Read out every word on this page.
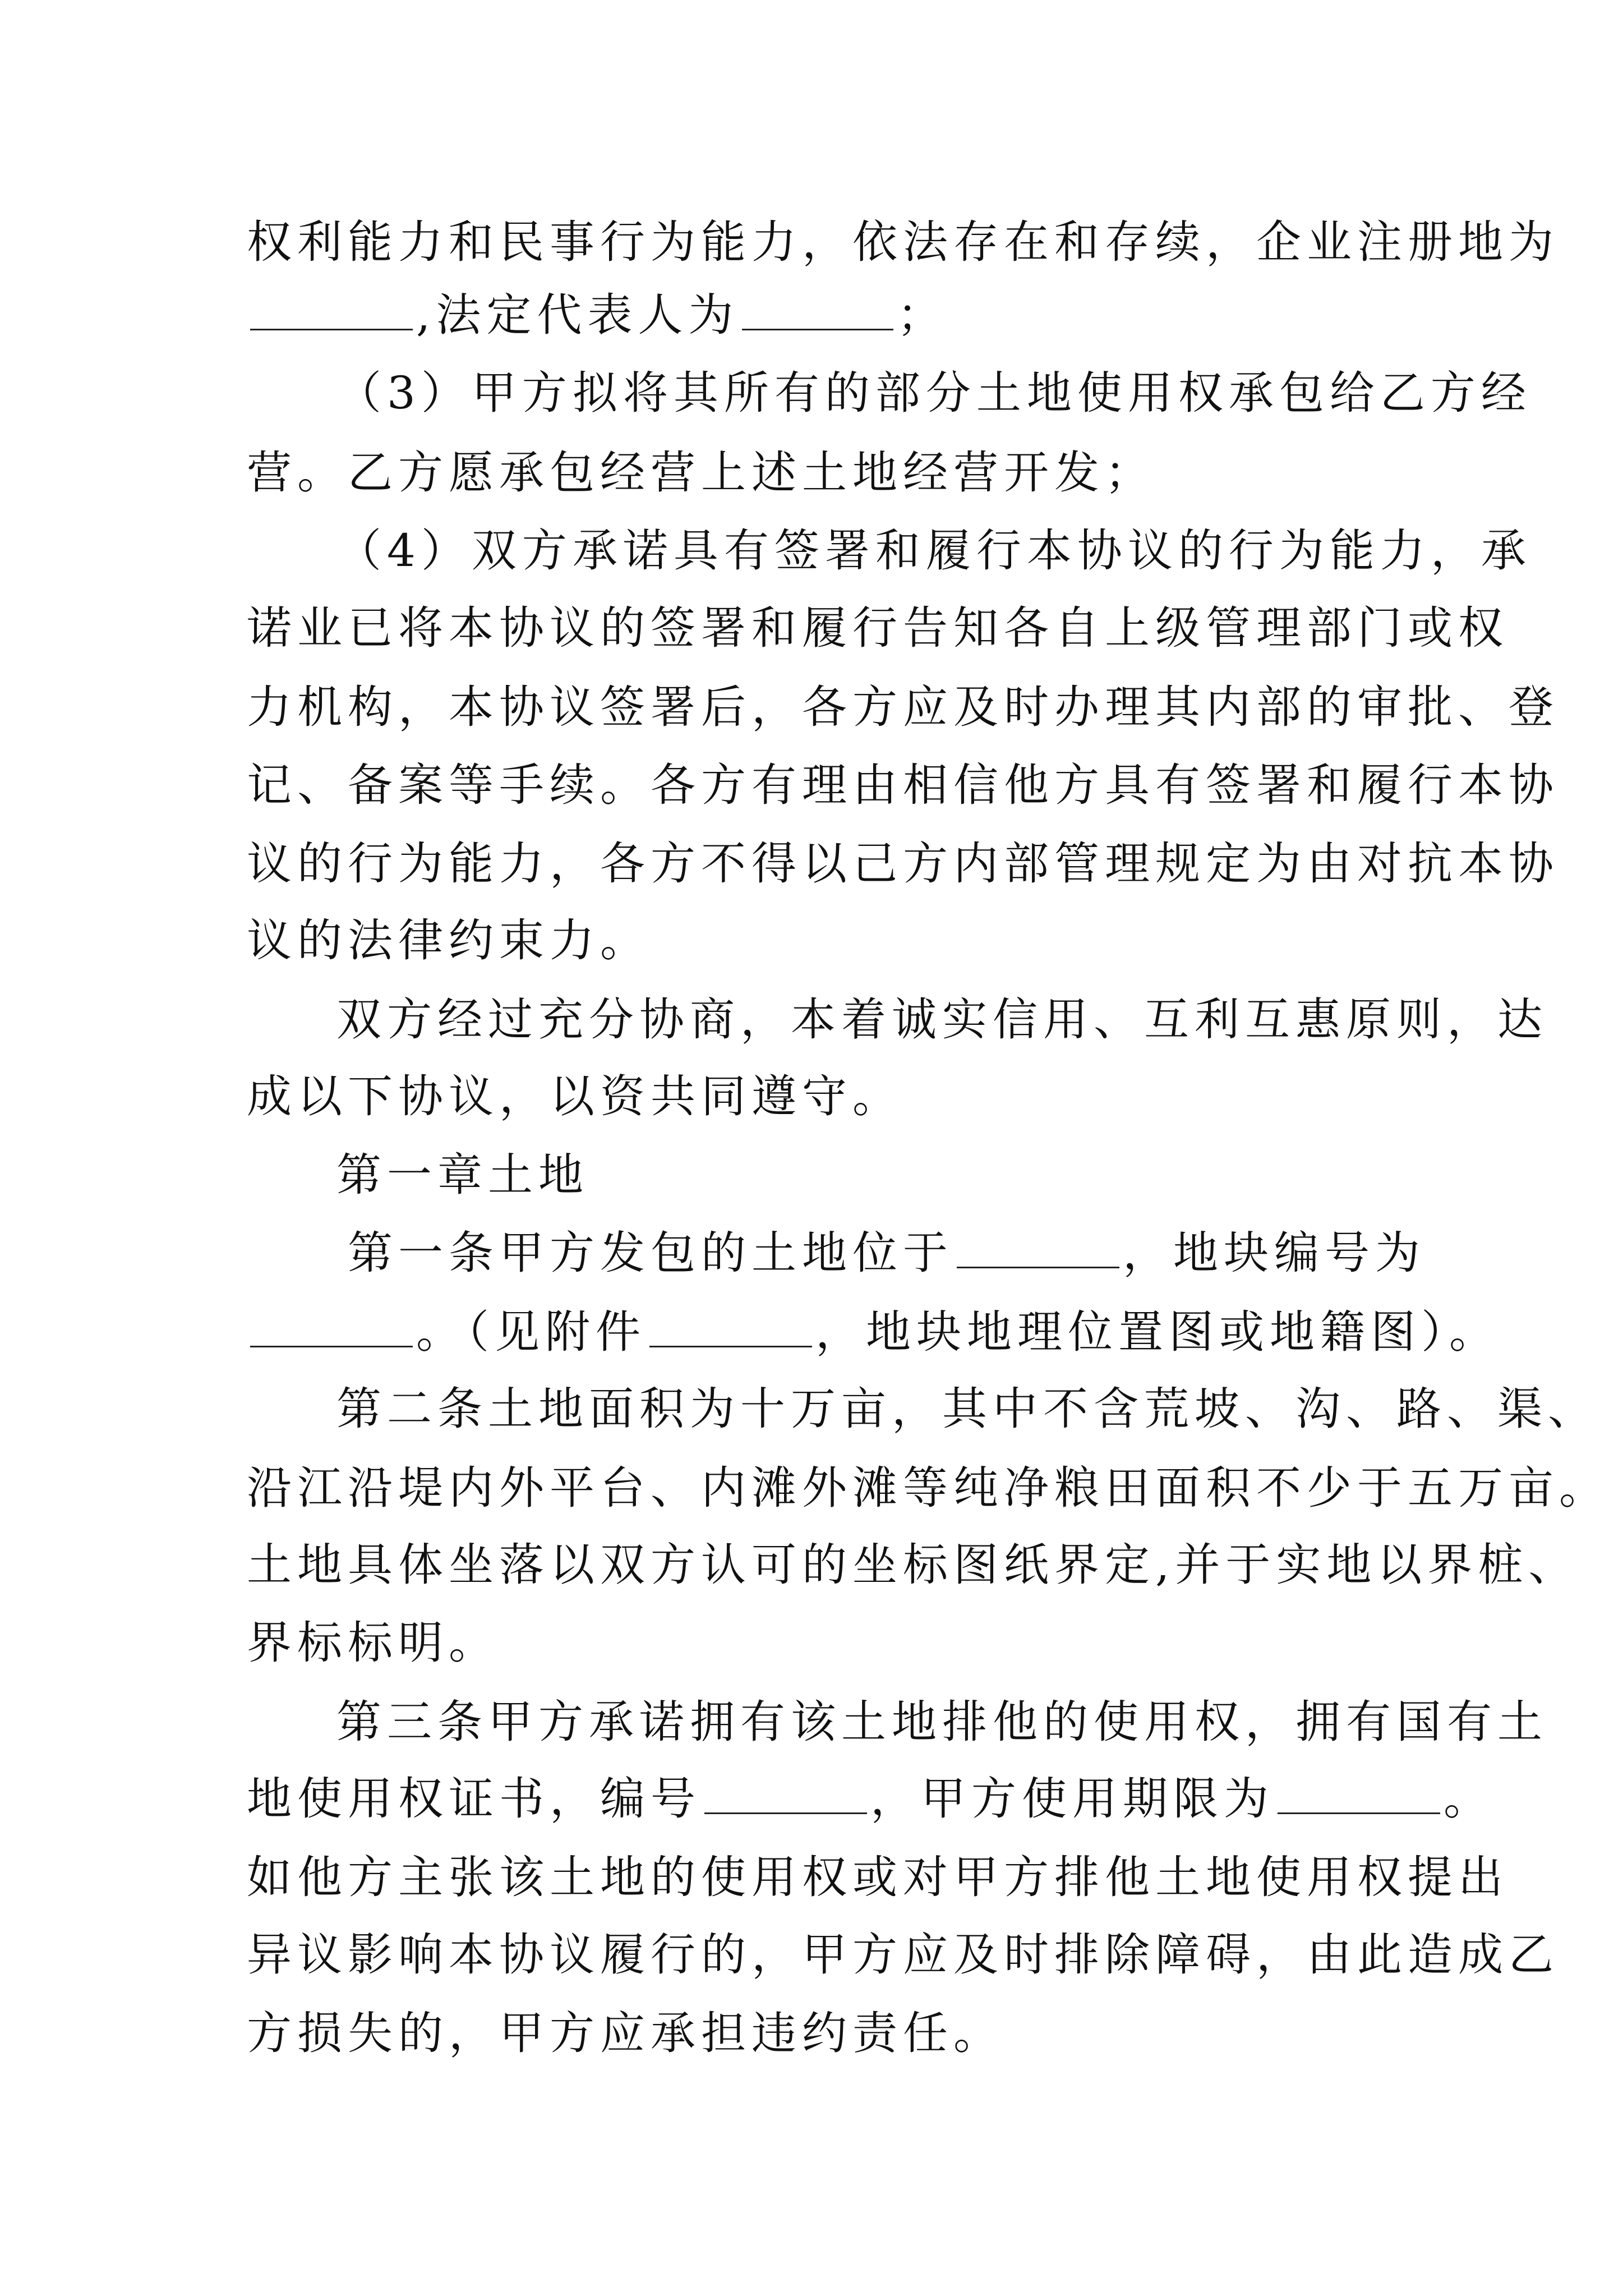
权利能力和民事行为能力，依法存在和存续，企业注册地为
,法定代表人为	；
（3）甲方拟将其所有的部分土地使用权承包给乙方经
营。乙方愿承包经营上述土地经营开发；
（4）双方承诺具有签署和履行本协议的行为能力，承
诺业已将本协议的签署和履行告知各自上级管理部门或权
力机构，本协议签署后，各方应及时办理其内部的审批、登
记、备案等手续。各方有理由相信他方具有签署和履行本协
议的行为能力，各方不得以己方内部管理规定为由对抗本协
议的法律约束力。
双方经过充分协商，本着诚实信用、互利互惠原则，达
成以下协议，以资共同遵守。
第一章土地
第一条甲方发包的土地位于	，地块编号为
。（见附件	，地块地理位置图或地籍图）。
第二条土地面积为十万亩，其中不含荒坡、沟、路、渠、
沿江沿堤内外平台、内滩外滩等纯净粮田面积不少于五万亩。
土地具体坐落以双方认可的坐标图纸界定,并于实地以界桩、
界标标明。
第三条甲方承诺拥有该土地排他的使用权，拥有国有土
地使用权证书，编号	，甲方使用期限为	。
如他方主张该土地的使用权或对甲方排他土地使用权提出
异议影响本协议履行的，甲方应及时排除障碍，由此造成乙
方损失的，甲方应承担违约责任。
